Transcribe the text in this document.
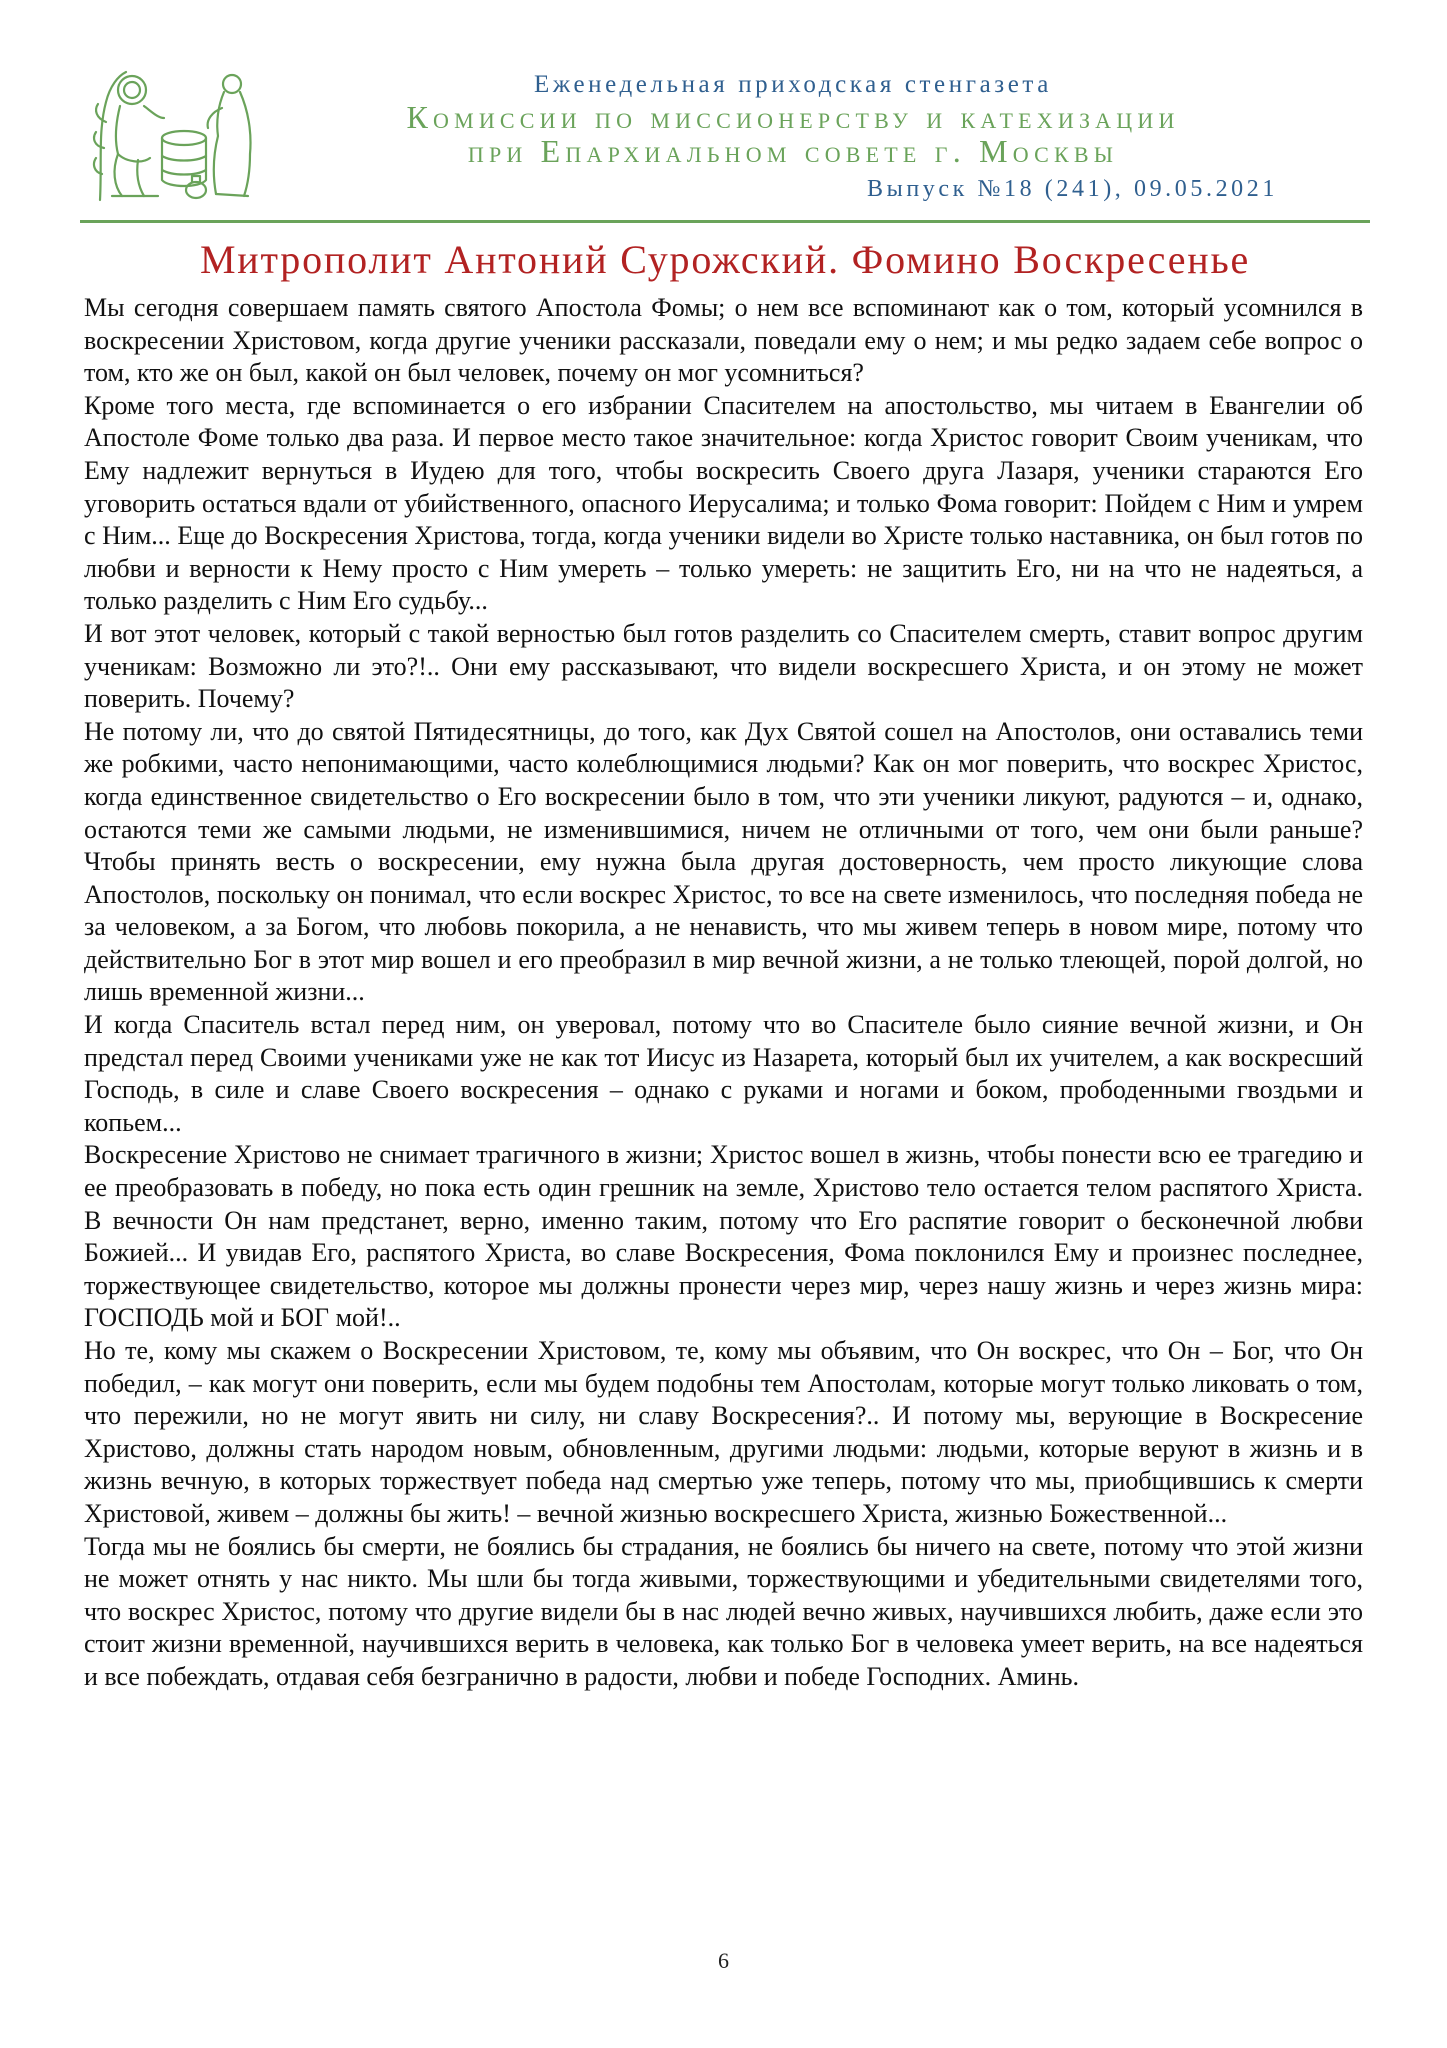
Еженедельная приходская стенгазета
Комиссии по миссионерству и катехизации
при Епархиальном совете г. Москвы
Выпуск №18 (241), 09.05.2021
Митрополит Антоний Сурожский. Фомино Воскресенье

Мы сегодня совершаем память святого Апостола Фомы; о нем все вспоминают как о том, который усомнился в воскресении Христовом, когда другие ученики рассказали, поведали ему о нем; и мы редко задаем себе вопрос о том, кто же он был, какой он был человек, почему он мог усомниться?

Кроме того места, где вспоминается о его избрании Спасителем на апостольство, мы читаем в Евангелии об Апостоле Фоме только два раза. И первое место такое значительное: когда Христос говорит Своим ученикам, что Ему надлежит вернуться в Иудею для того, чтобы воскресить Своего друга Лазаря, ученики стараются Его уговорить остаться вдали от убийственного, опасного Иерусалима; и только Фома говорит: Пойдем с Ним и умрем с Ним... Еще до Воскресения Христова, тогда, когда ученики видели во Христе только наставника, он был готов по любви и верности к Нему просто с Ним умереть – только умереть: не защитить Его, ни на что не надеяться, а только разделить с Ним Его судьбу...

И вот этот человек, который с такой верностью был готов разделить со Спасителем смерть, ставит вопрос другим ученикам: Возможно ли это?!.. Они ему рассказывают, что видели воскресшего Христа, и он этому не может поверить. Почему?

Не потому ли, что до святой Пятидесятницы, до того, как Дух Святой сошел на Апостолов, они оставались теми же робкими, часто непонимающими, часто колеблющимися людьми? Как он мог поверить, что воскрес Христос, когда единственное свидетельство о Его воскресении было в том, что эти ученики ликуют, радуются – и, однако, остаются теми же самыми людьми, не изменившимися, ничем не отличными от того, чем они были раньше? Чтобы принять весть о воскресении, ему нужна была другая достоверность, чем просто ликующие слова Апостолов, поскольку он понимал, что если воскрес Христос, то все на свете изменилось, что последняя победа не за человеком, а за Богом, что любовь покорила, а не ненависть, что мы живем теперь в новом мире, потому что действительно Бог в этот мир вошел и его преобразил в мир вечной жизни, а не только тлеющей, порой долгой, но лишь временной жизни...

И когда Спаситель встал перед ним, он уверовал, потому что во Спасителе было сияние вечной жизни, и Он предстал перед Своими учениками уже не как тот Иисус из Назарета, который был их учителем, а как воскресший Господь, в силе и славе Своего воскресения – однако с руками и ногами и боком, прободенными гвоздьми и копьем...

Воскресение Христово не снимает трагичного в жизни; Христос вошел в жизнь, чтобы понести всю ее трагедию и ее преобразовать в победу, но пока есть один грешник на земле, Христово тело остается телом распятого Христа. В вечности Он нам предстанет, верно, именно таким, потому что Его распятие говорит о бесконечной любви Божией... И увидав Его, распятого Христа, во славе Воскресения, Фома поклонился Ему и произнес последнее, торжествующее свидетельство, которое мы должны пронести через мир, через нашу жизнь и через жизнь мира: ГОСПОДЬ мой и БОГ мой!..

Но те, кому мы скажем о Воскресении Христовом, те, кому мы объявим, что Он воскрес, что Он – Бог, что Он победил, – как могут они поверить, если мы будем подобны тем Апостолам, которые могут только ликовать о том, что пережили, но не могут явить ни силу, ни славу Воскресения?.. И потому мы, верующие в Воскресение Христово, должны стать народом новым, обновленным, другими людьми: людьми, которые веруют в жизнь и в жизнь вечную, в которых торжествует победа над смертью уже теперь, потому что мы, приобщившись к смерти Христовой, живем – должны бы жить! – вечной жизнью воскресшего Христа, жизнью Божественной...

Тогда мы не боялись бы смерти, не боялись бы страдания, не боялись бы ничего на свете, потому что этой жизни не может отнять у нас никто. Мы шли бы тогда живыми, торжествующими и убедительными свидетелями того, что воскрес Христос, потому что другие видели бы в нас людей вечно живых, научившихся любить, даже если это стоит жизни временной, научившихся верить в человека, как только Бог в человека умеет верить, на все надеяться и все побеждать, отдавая себя безгранично в радости, любви и победе Господних. Аминь.

6
